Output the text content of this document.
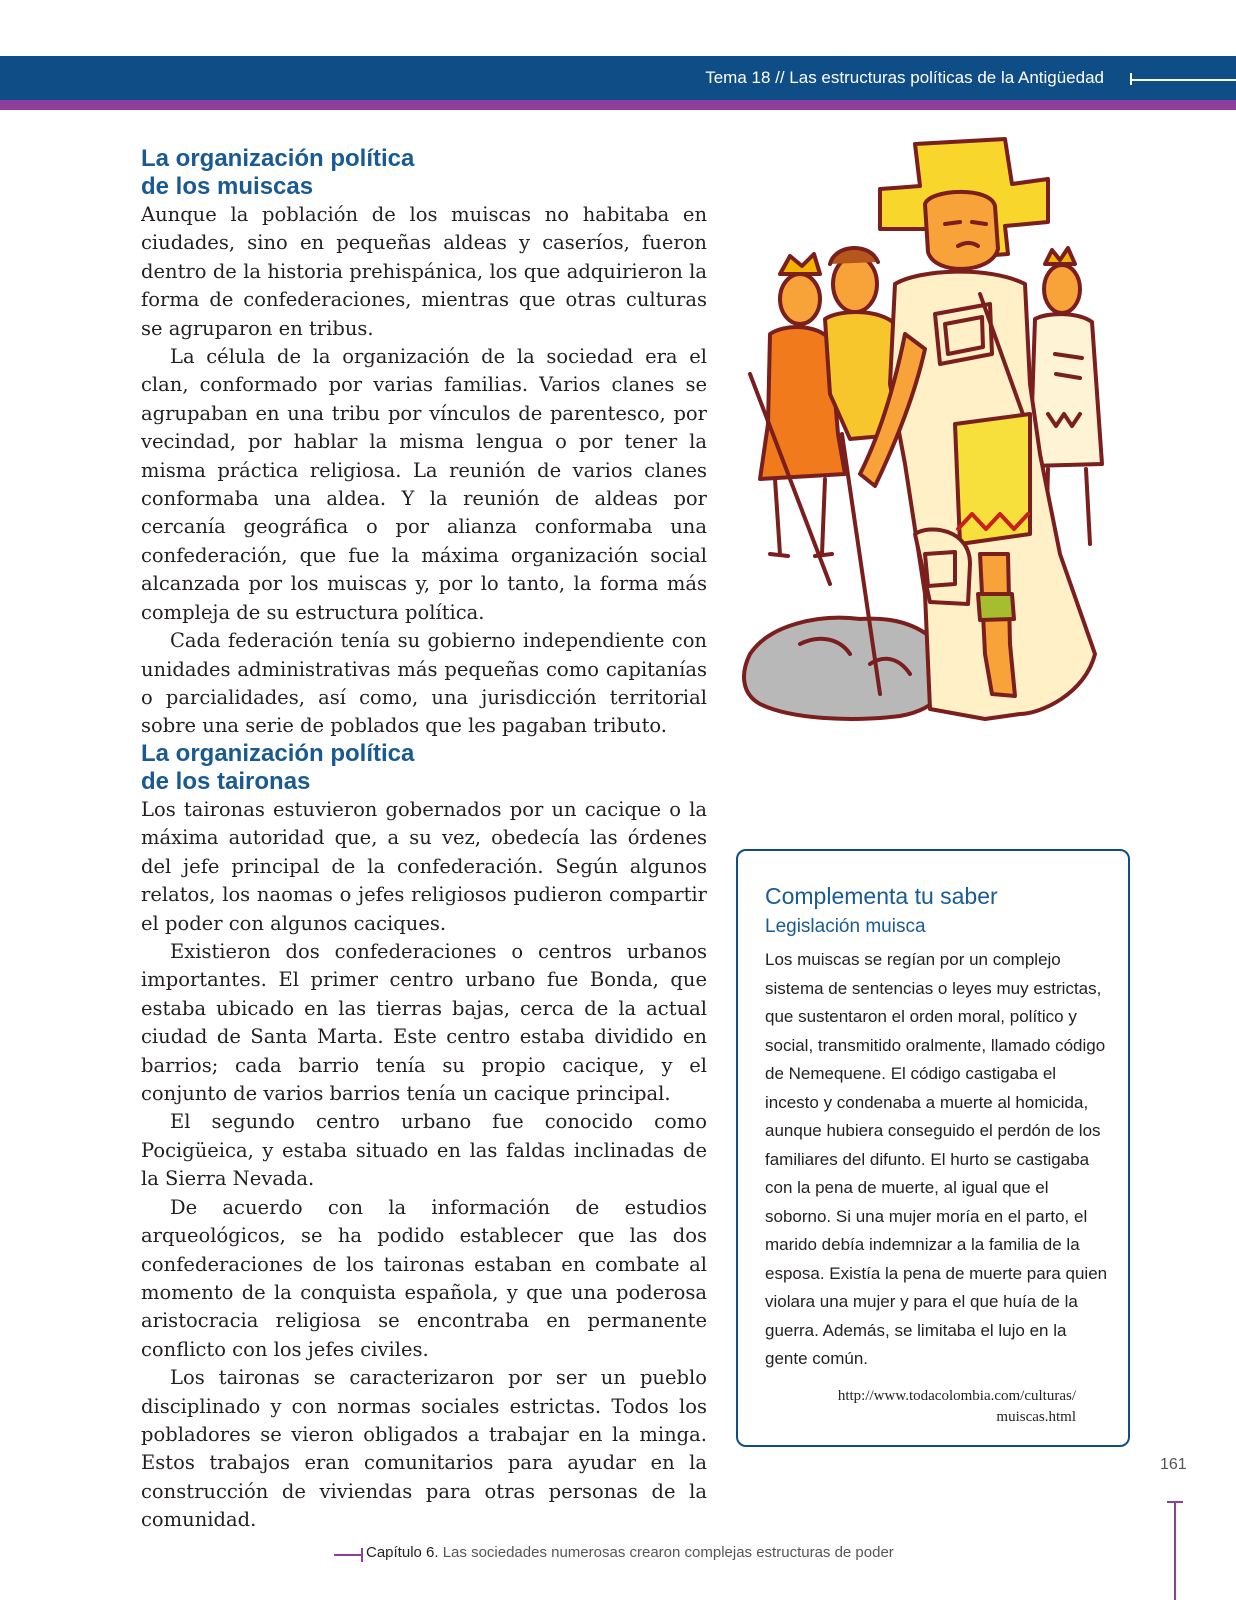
Tema 18 // Las estructuras políticas de la Antigüedad
La organización política
de los muiscas

Aunque la población de los muiscas no habitaba en ciudades, sino en pequeñas aldeas y caseríos, fueron dentro de la historia prehispánica, los que adquirieron la forma de confederaciones, mientras que otras culturas se agruparon en tribus.

La célula de la organización de la sociedad era el clan, conformado por varias familias. Varios clanes se agrupaban en una tribu por vínculos de parentesco, por vecindad, por hablar la misma lengua o por tener la misma práctica religiosa. La reunión de varios clanes conformaba una aldea. Y la reunión de aldeas por cercanía geográfica o por alianza conformaba una confederación, que fue la máxima organización social alcanzada por los muiscas y, por lo tanto, la forma más compleja de su estructura política.

Cada federación tenía su gobierno independiente con unidades administrativas más pequeñas como capitanías o parcialidades, así como, una jurisdicción territorial sobre una serie de poblados que les pagaban tributo.

La organización política
de los taironas

Los taironas estuvieron gobernados por un cacique o la máxima autoridad que, a su vez, obedecía las órdenes del jefe principal de la confederación. Según algunos relatos, los naomas o jefes religiosos pudieron compartir el poder con algunos caciques.

Existieron dos confederaciones o centros urbanos importantes. El primer centro urbano fue Bonda, que estaba ubicado en las tierras bajas, cerca de la actual ciudad de Santa Marta. Este centro estaba dividido en barrios; cada barrio tenía su propio cacique, y el conjunto de varios barrios tenía un cacique principal.

El segundo centro urbano fue conocido como Pocigüeica, y estaba situado en las faldas inclinadas de la Sierra Nevada.

De acuerdo con la información de estudios arqueológicos, se ha podido establecer que las dos confederaciones de los taironas estaban en combate al momento de la conquista española, y que una poderosa aristocracia religiosa se encontraba en permanente conflicto con los jefes civiles.

Los taironas se caracterizaron por ser un pueblo disciplinado y con normas sociales estrictas. Todos los pobladores se vieron obligados a trabajar en la minga. Estos trabajos eran comunitarios para ayudar en la construcción de viviendas para otras personas de la comunidad.

Complementa tu saber
Legislación muisca

Los muiscas se regían por un complejo sistema de sentencias o leyes muy estrictas, que sustentaron el orden moral, político y social, transmitido oralmente, llamado código de Nemequene. El código castigaba el incesto y condenaba a muerte al homicida, aunque hubiera conseguido el perdón de los familiares del difunto. El hurto se castigaba con la pena de muerte, al igual que el soborno. Si una mujer moría en el parto, el marido debía indemnizar a la familia de la esposa. Existía la pena de muerte para quien violara una mujer y para el que huía de la guerra. Además, se limitaba el lujo en la gente común.

http://www.todacolombia.com/culturas/
muiscas.html
161
Capítulo 6. Las sociedades numerosas crearon complejas estructuras de poder
